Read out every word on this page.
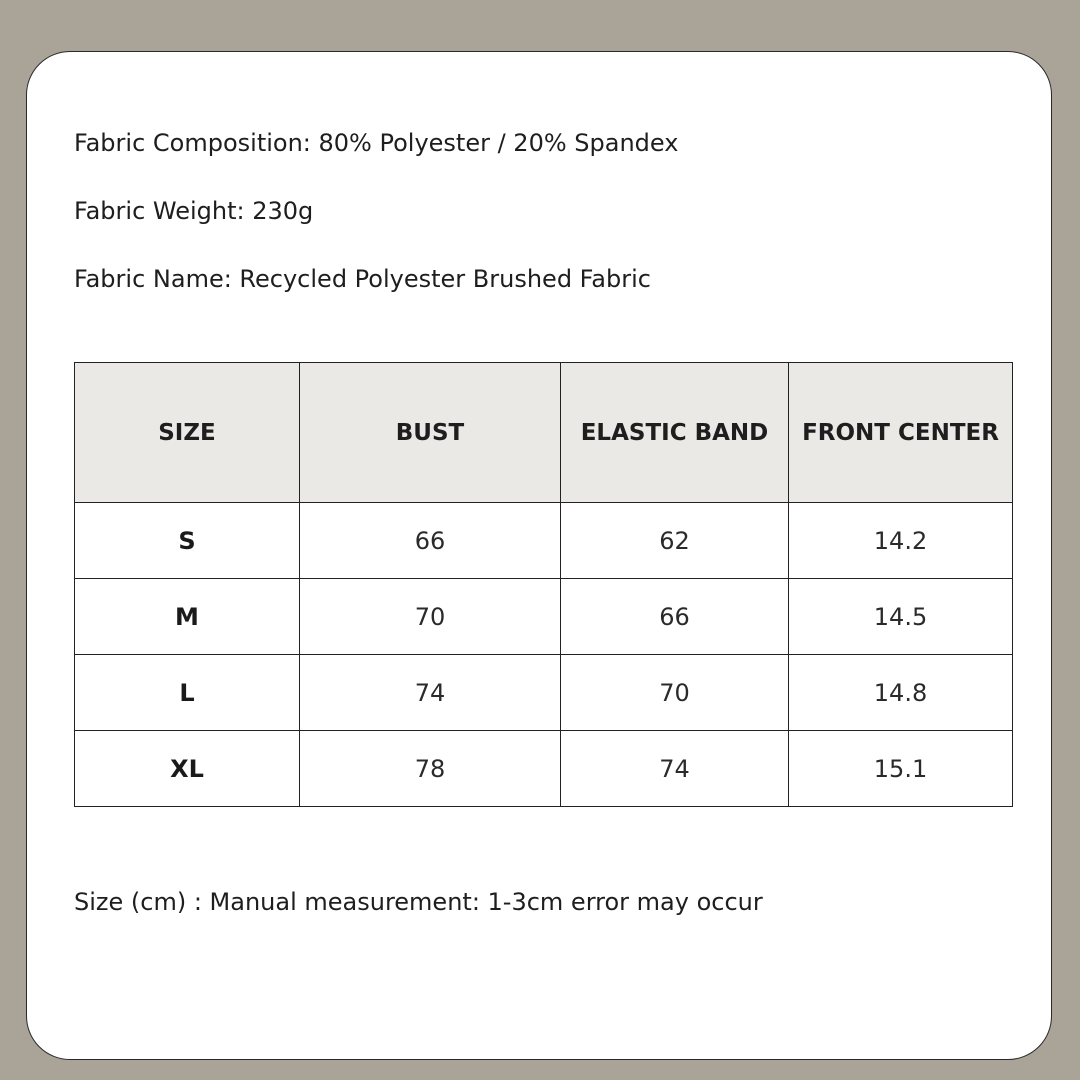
Fabric Composition: 80% Polyester / 20% Spandex
Fabric Weight: 230g
Fabric Name: Recycled Polyester Brushed Fabric
SIZE	BUST	ELASTIC BAND	FRONT CENTER
S	66	62	14.2
M	70	66	14.5
L	74	70	14.8
XL	78	74	15.1
Size (cm) : Manual measurement: 1-3cm error may occur
